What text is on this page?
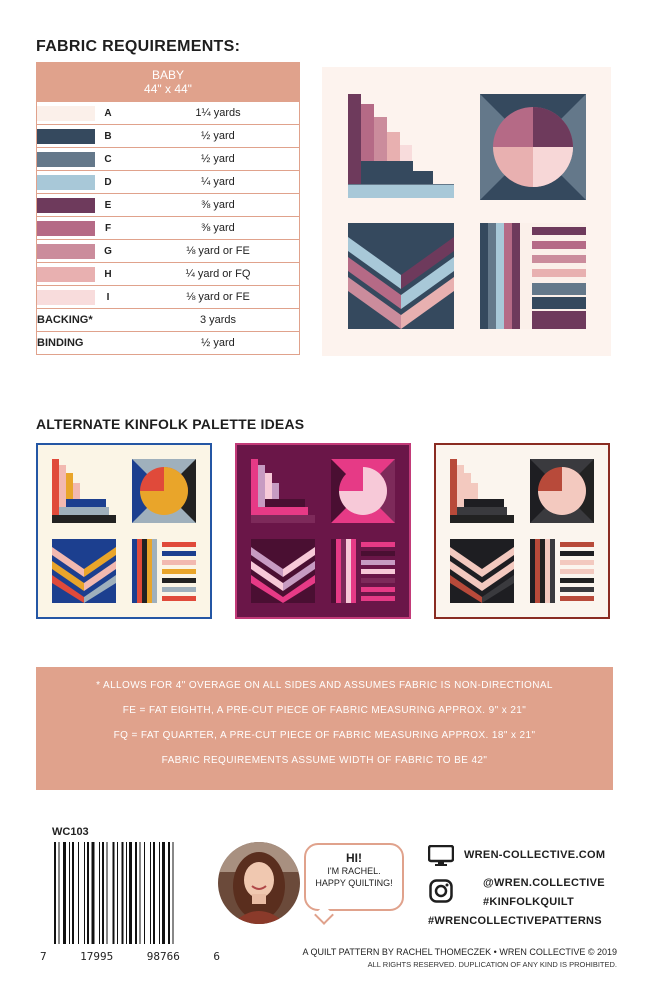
FABRIC REQUIREMENTS:
BABY
44" x 44"	
A	1¼ yards
B	½ yard
C	½ yard
D	¼ yard
E	⅜ yard
F	⅜ yard
G	⅛ yard or FE
H	¼ yard or FQ
I	⅛ yard or FE
BACKING*	3 yards
BINDING	½ yard
ALTERNATE KINFOLK PALETTE IDEAS

* ALLOWS FOR 4" OVERAGE ON ALL SIDES AND ASSUMES FABRIC IS NON-DIRECTIONAL

FE = FAT EIGHTH, A PRE-CUT PIECE OF FABRIC MEASURING APPROX. 9" x 21"

FQ = FAT QUARTER, A PRE-CUT PIECE OF FABRIC MEASURING APPROX. 18" x 21"

FABRIC REQUIREMENTS ASSUME WIDTH OF FABRIC TO BE 42"

WC103
7	17995	98766	6
HI!
I'M RACHEL.
HAPPY QUILTING!
WREN-COLLECTIVE.COM
@WREN.COLLECTIVE
#KINFOLKQUILT
#WRENCOLLECTIVEPATTERNS
A QUILT PATTERN BY RACHEL THOMECZEK • WREN COLLECTIVE © 2019
ALL RIGHTS RESERVED. DUPLICATION OF ANY KIND IS PROHIBITED.
